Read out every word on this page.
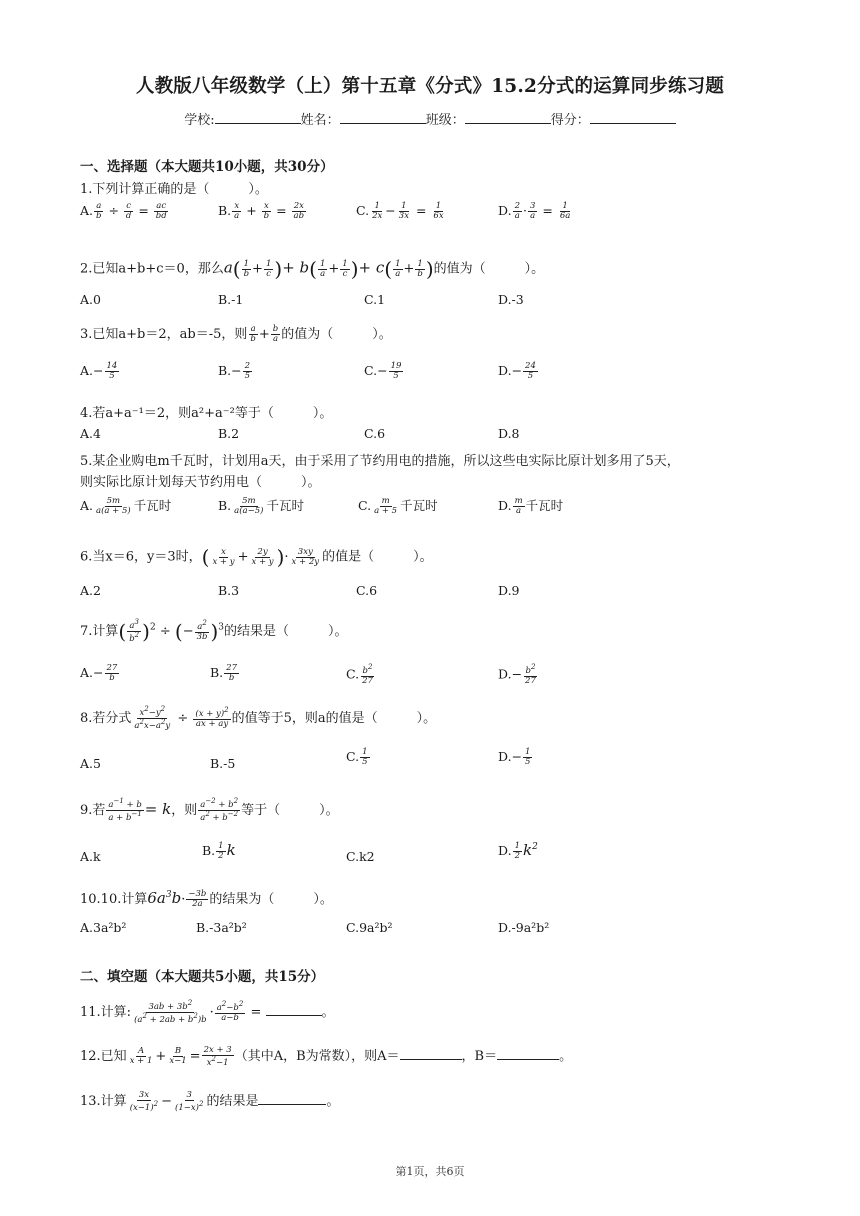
人教版八年级数学（上）第十五章《分式》15.2分式的运算同步练习题
学校:	姓名：	班级：	得分：
一、选择题（本大题共10小题，共30分）
1.下列计算正确的是（　　　）。
A. $\frac{a}{b} \div \frac{c}{d} = \frac{ac}{bd}$	B. $\frac{x}{a} + \frac{x}{b} = \frac{2x}{ab}$	C. $\frac{1}{2x} - \frac{1}{3x} = \frac{1}{6x}$	D. $\frac{2}{a} \cdot \frac{3}{a} = \frac{1}{6a}$
2.已知a+b+c＝0，那么$a( \frac{1}{b} + \frac{1}{c}$ )+ $b( \frac{1}{a} + \frac{1}{c}$ )+ $c( \frac{1}{a} + \frac{1}{b}$ )的值为（　　　）。
A.0	B.-1	C.1	D.-3
3.已知a+b＝2，ab＝-5，则 $\frac{a}{b} + \frac{b}{a}$ 的值为（　　　）。
$A.- \frac{14}{5}$	$B.- \frac{2}{5}$	$C.- \frac{19}{5}$	$D.- \frac{24}{5}$
4.若a+a⁻¹＝2，则a²+a⁻²等于（　　　）。
A.4	B.2	C.6	D.8
5.某企业购电m千瓦时，计划用a天，由于采用了节约用电的措施，所以这些电实际比原计划多用了5天，
则实际比原计划每天节约用电（　　　）。
A. $\frac{5m}{a(a + 5)}$ 千瓦时	B. $\frac{5m}{a(a-5)}$ 千瓦时	C. $\frac{m}{a + 5}$ 千瓦时	D. $\frac{m}{a}$ 千瓦时
6.当x＝6，y＝3时，( $\frac{x}{x + y} + \frac{2y}{x + y}$ )· $\frac{3xy}{x + 2y}$ 的值是（　　　）。
A.2	B.3	C.6	D.9
7.计算( $\frac{a^3}{b^2} )^2$ ÷ (− $\frac{a^2}{3b} )^3$的结果是（　　　）。
$A.- \frac{27}{b}$	B. $\frac{27}{b}$	C. $\frac{b^2}{27}$	$D.- \frac{b^2}{27}$
8.若分式 $\frac{x^2-y^2}{a^2x-a^2y} \div \frac{(x + y)^2}{ax + ay}$ 的值等于5，则a的值是（　　　）。
A.5	B.-5	C. $\frac{1}{5}$	$D.- \frac{1}{5}$
9.若 $\frac{a^{-1} + b}{a + b^{-1}} = k$，则 $\frac{a^{-2} + b^2}{a^2 + b^{-2}}$ 等于（　　　）。
A.k	B. $\frac{1}{2}$ k	C.k2	D. $\frac{1}{2} k^2$
10.10.计算$6a^3b\cdot \frac{-3b}{2a}$ 的结果为（　　　）。
A.3a²b²	B.-3a²b²	C.9a²b²	D.-9a²b²
二、填空题（本大题共5小题，共15分）
11.计算: $\frac{3ab + 3b^2}{(a^2 + 2ab + b^2)b} \cdot \frac{a^2-b^2}{a-b}$ =	。
12.已知 $\frac{A}{x + 1} + \frac{B}{x-1} = \frac{2x + 3}{x^2-1}$ （其中A，B为常数），则A＝	，B＝	。
13.计算 $\frac{3x}{(x-1)^2} - \frac{3}{(1-x)^2}$ 的结果是	。
第1页，共6页
